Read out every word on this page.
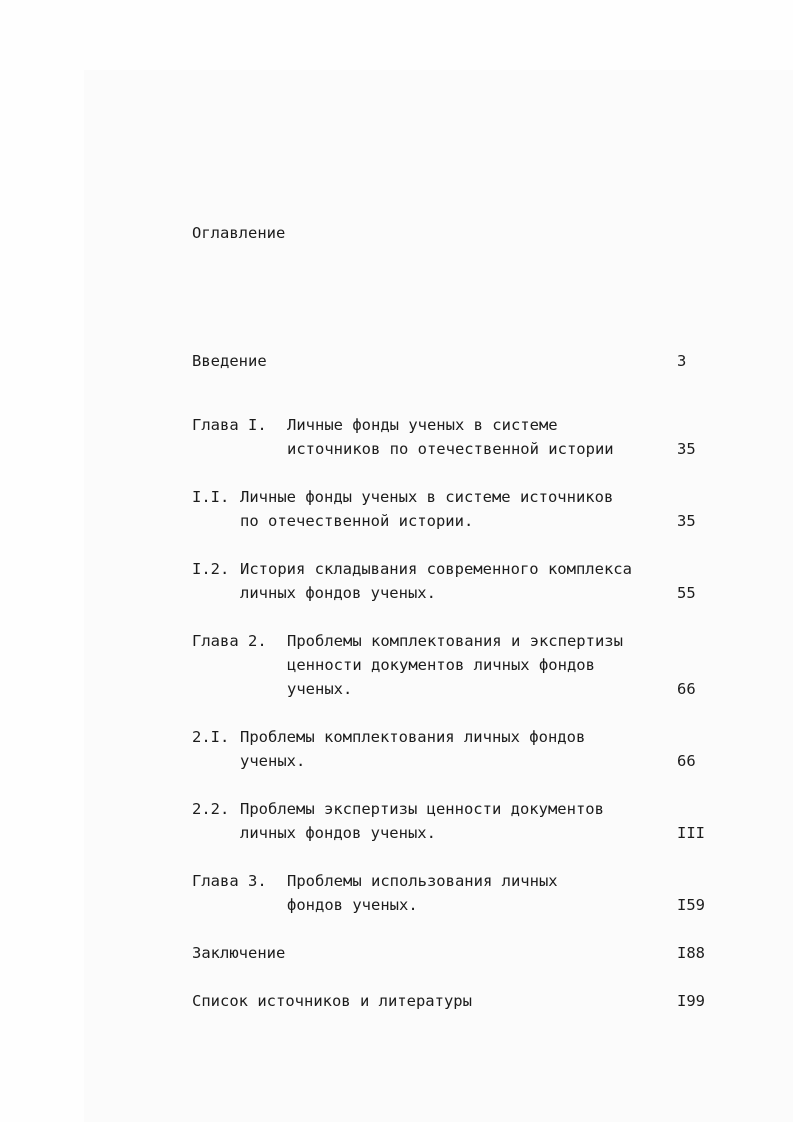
Оглавление
Введение	3
Глава I. Личные фонды ученых в системе
источников по отечественной истории	35
I.I. Личные фонды ученых в системе источников
по отечественной истории.	35
I.2. История складывания современного комплекса
личных фондов ученых.	55
Глава 2. Проблемы комплектования и экспертизы
ценности документов личных фондов
ученых.	66
2.I. Проблемы комплектования личных фондов
ученых.	66
2.2. Проблемы экспертизы ценности документов
личных фондов ученых.	III
Глава 3. Проблемы использования личных
фондов ученых.	I59
Заключение	I88
Список источников и литературы	I99
